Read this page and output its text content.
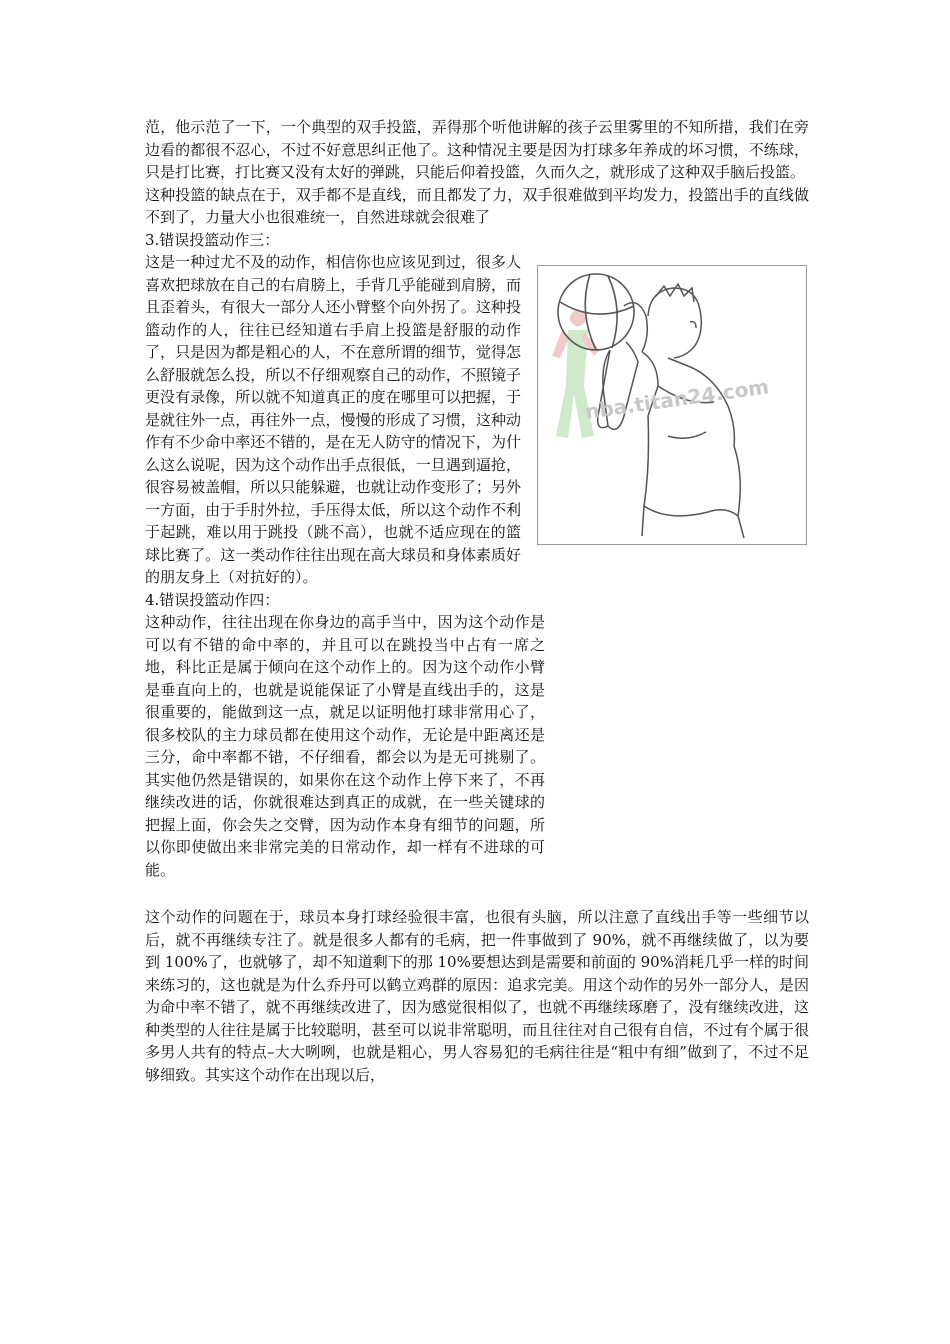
范，他示范了一下，一个典型的双手投篮，弄得那个听他讲解的孩子云里雾里的不知所措，我们在旁边看的都很不忍心，不过不好意思纠正他了。这种情况主要是因为打球多年养成的坏习惯，不练球，只是打比赛，打比赛又没有太好的弹跳，只能后仰着投篮，久而久之，就形成了这种双手脑后投篮。

这种投篮的缺点在于，双手都不是直线，而且都发了力，双手很难做到平均发力，投篮出手的直线做不到了，力量大小也很难统一，自然进球就会很难了

3.错误投篮动作三：

nba.titan24.com

这是一种过尤不及的动作，相信你也应该见到过，很多人喜欢把球放在自己的右肩膀上，手背几乎能碰到肩膀，而且歪着头，有很大一部分人还小臂整个向外拐了。这种投篮动作的人，往往已经知道右手肩上投篮是舒服的动作了，只是因为都是粗心的人，不在意所谓的细节，觉得怎么舒服就怎么投，所以不仔细观察自己的动作，不照镜子更没有录像，所以就不知道真正的度在哪里可以把握，于是就往外一点，再往外一点，慢慢的形成了习惯，这种动作有不少命中率还不错的，是在无人防守的情况下，为什么这么说呢，因为这个动作出手点很低，一旦遇到逼抢，很容易被盖帽，所以只能躲避，也就让动作变形了；另外一方面，由于手肘外拉，手压得太低，所以这个动作不利于起跳，难以用于跳投（跳不高），也就不适应现在的篮球比赛了。这一类动作往往出现在高大球员和身体素质好的朋友身上（对抗好的）。

4.错误投篮动作四：

这种动作，往往出现在你身边的高手当中，因为这个动作是可以有不错的命中率的，并且可以在跳投当中占有一席之地，科比正是属于倾向在这个动作上的。因为这个动作小臂是垂直向上的，也就是说能保证了小臂是直线出手的，这是很重要的，能做到这一点，就足以证明他打球非常用心了，很多校队的主力球员都在使用这个动作，无论是中距离还是三分，命中率都不错，不仔细看，都会以为是无可挑剔了。其实他仍然是错误的，如果你在这个动作上停下来了，不再继续改进的话，你就很难达到真正的成就，在一些关键球的把握上面，你会失之交臂，因为动作本身有细节的问题，所以你即使做出来非常完美的日常动作，却一样有不进球的可能。

这个动作的问题在于，球员本身打球经验很丰富，也很有头脑，所以注意了直线出手等一些细节以后，就不再继续专注了。就是很多人都有的毛病，把一件事做到了 90%，就不再继续做了，以为要到 100%了，也就够了，却不知道剩下的那 10%要想达到是需要和前面的 90%消耗几乎一样的时间来练习的，这也就是为什么乔丹可以鹤立鸡群的原因：追求完美。用这个动作的另外一部分人，是因为命中率不错了，就不再继续改进了，因为感觉很相似了，也就不再继续琢磨了，没有继续改进，这种类型的人往往是属于比较聪明，甚至可以说非常聪明，而且往往对自己很有自信，不过有个属于很多男人共有的特点–大大咧咧，也就是粗心，男人容易犯的毛病往往是“粗中有细”做到了，不过不足够细致。其实这个动作在出现以后，
